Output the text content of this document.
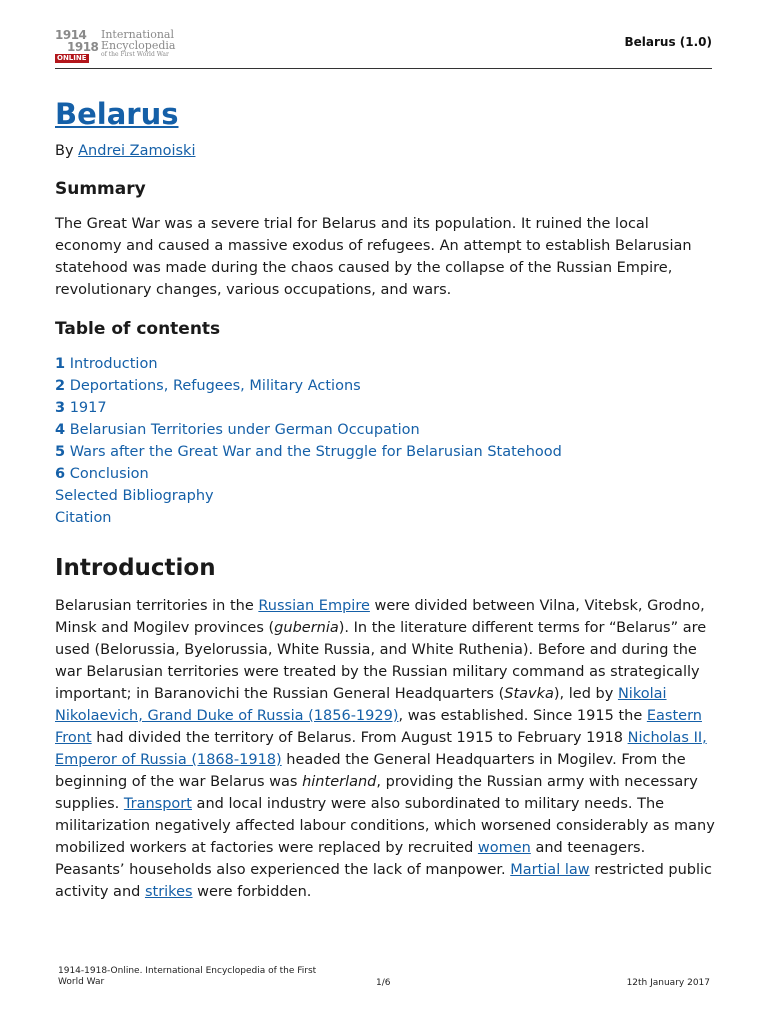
1914
1918
ONLINE
International
Encyclopedia
of the First World War
Belarus (1.0)
Belarus
By Andrei Zamoiski
Summary
The Great War was a severe trial for Belarus and its population. It ruined the local economy and caused a massive exodus of refugees. An attempt to establish Belarusian statehood was made during the chaos caused by the collapse of the Russian Empire, revolutionary changes, various occupations, and wars.
Table of contents
1 Introduction
2 Deportations, Refugees, Military Actions
3 1917
4 Belarusian Territories under German Occupation
5 Wars after the Great War and the Struggle for Belarusian Statehood
6 Conclusion
Selected Bibliography
Citation
Introduction
Belarusian territories in the Russian Empire were divided between Vilna, Vitebsk, Grodno, Minsk and Mogilev provinces (gubernia). In the literature different terms for “Belarus” are used (Belorussia, Byelorussia, White Russia, and White Ruthenia). Before and during the war Belarusian territories were treated by the Russian military command as strategically important; in Baranovichi the Russian General Headquarters (Stavka), led by Nikolai Nikolaevich, Grand Duke of Russia (1856-1929), was established. Since 1915 the Eastern Front had divided the territory of Belarus. From August 1915 to February 1918 Nicholas II, Emperor of Russia (1868-1918) headed the General Headquarters in Mogilev. From the beginning of the war Belarus was hinterland, providing the Russian army with necessary supplies. Transport and local industry were also subordinated to military needs. The militarization negatively affected labour conditions, which worsened considerably as many mobilized workers at factories were replaced by recruited women and teenagers. Peasants’ households also experienced the lack of manpower. Martial law restricted public activity and strikes were forbidden.
1914-1918-Online. International Encyclopedia of the First World War	1/6	12th January 2017
